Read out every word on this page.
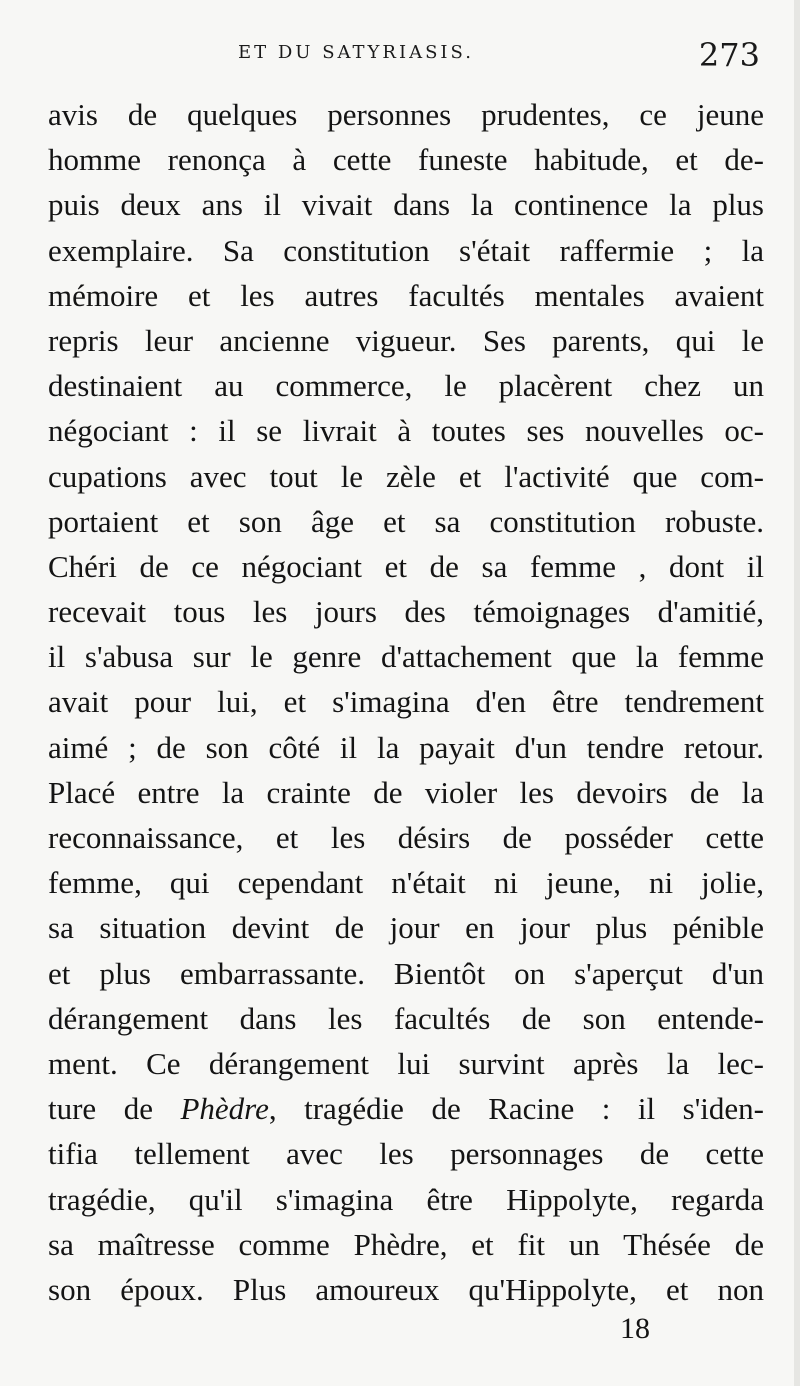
ET DU SATYRIASIS.	273
avis de quelques personnes prudentes, ce jeune
homme renonça à cette funeste habitude, et de-
puis deux ans il vivait dans la continence la plus
exemplaire. Sa constitution s'était raffermie ; la
mémoire et les autres facultés mentales avaient
repris leur ancienne vigueur. Ses parents, qui le
destinaient au commerce, le placèrent chez un
négociant : il se livrait à toutes ses nouvelles oc-
cupations avec tout le zèle et l'activité que com-
portaient et son âge et sa constitution robuste.
Chéri de ce négociant et de sa femme , dont il
recevait tous les jours des témoignages d'amitié,
il s'abusa sur le genre d'attachement que la femme
avait pour lui, et s'imagina d'en être tendrement
aimé ; de son côté il la payait d'un tendre retour.
Placé entre la crainte de violer les devoirs de la
reconnaissance, et les désirs de posséder cette
femme, qui cependant n'était ni jeune, ni jolie,
sa situation devint de jour en jour plus pénible
et plus embarrassante. Bientôt on s'aperçut d'un
dérangement dans les facultés de son entende-
ment. Ce dérangement lui survint après la lec-
ture de Phèdre, tragédie de Racine : il s'iden-
tifia tellement avec les personnages de cette
tragédie, qu'il s'imagina être Hippolyte, regarda
sa maîtresse comme Phèdre, et fit un Thésée de
son époux. Plus amoureux qu'Hippolyte, et non
18
